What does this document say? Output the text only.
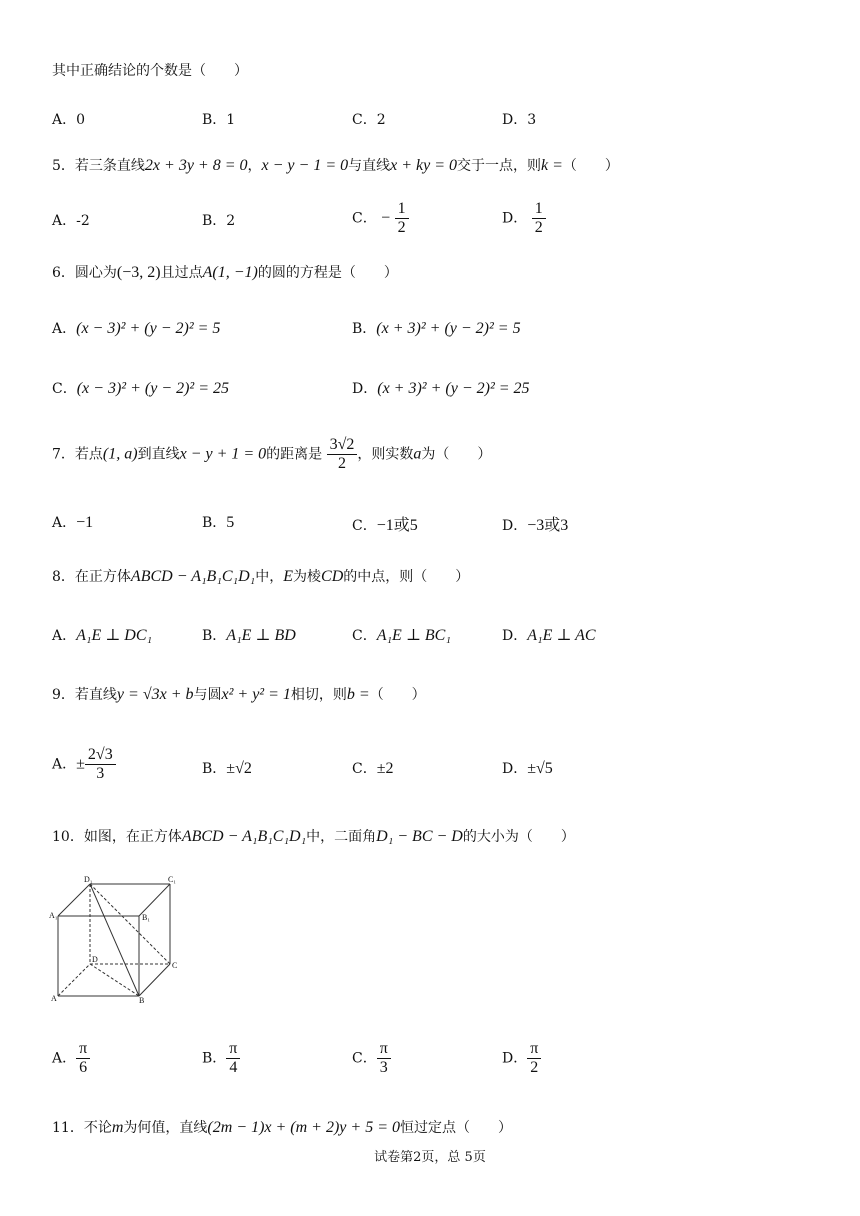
其中正确结论的个数是（　　）
A．0	B．1	C．2	D．3
5．若三条直线2x + 3y + 8 = 0，x − y − 1 = 0与直线x + ky = 0交于一点，则k =（　　）
A．-2	B．2	C． − $\frac{1}{2}$	D． $\frac{1}{2}$
6．圆心为(−3, 2)且过点A(1, −1)的圆的方程是（　　）
A．(x − 3)² + (y − 2)² = 5	B．(x + 3)² + (y − 2)² = 5
C．(x − 3)² + (y − 2)² = 25	D．(x + 3)² + (y − 2)² = 25
7．若点(1, a)到直线x − y + 1 = 0的距离是 $\frac{3√2}{2}$ ，则实数a为（　　）
A．−1	B．5	C．−1或5	D．−3或3
8．在正方体ABCD − A₁B₁C₁D₁中，E为棱CD的中点，则（　　）
A．A₁E ⊥ DC₁	B．A₁E ⊥ BD	C．A₁E ⊥ BC₁	D．A₁E ⊥ AC
9．若直线y = √3x + b与圆x² + y² = 1相切，则b =（　　）
A．± $\frac{2√3}{3}$	B．±√2	C．±2	D．±√5
10．如图，在正方体ABCD − A₁B₁C₁D₁中，二面角D₁ − BC − D的大小为（　　）
D₁	C₁
A₁	B₁
D
C
A	B
A． $\frac{\pi}{6}$	B． $\frac{\pi}{4}$	C． $\frac{\pi}{3}$	D． $\frac{\pi}{2}$
11．不论m为何值，直线(2m − 1)x + (m + 2)y + 5 = 0恒过定点（　　）
试卷第2页，总 5页
